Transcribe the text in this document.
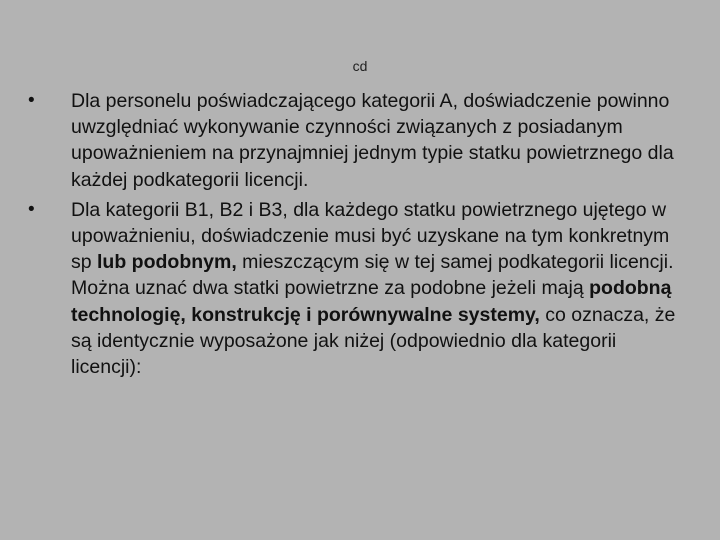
cd
• Dla personelu poświadczającego kategorii A, doświadczenie powinno uwzględniać wykonywanie czynności związanych z posiadanym upoważnieniem na przynajmniej jednym typie statku powietrznego dla każdej podkategorii licencji.
• Dla kategorii B1, B2 i B3, dla każdego statku powietrznego ujętego w upoważnieniu, doświadczenie musi być uzyskane na tym konkretnym sp lub podobnym, mieszczącym się w tej samej podkategorii licencji. Można uznać dwa statki powietrzne za podobne jeżeli mają podobną technologię, konstrukcję i porównywalne systemy, co oznacza, że są identycznie wyposażone jak niżej (odpowiednio dla kategorii licencji):
